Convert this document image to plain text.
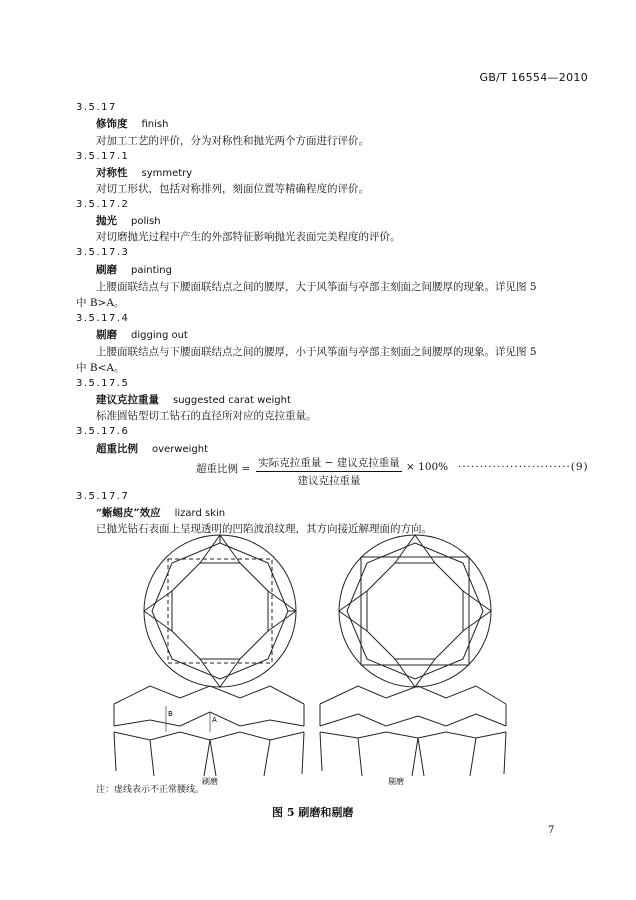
GB/T 16554—2010
3.5.17
修饰度 finish
对加工工艺的评价，分为对称性和抛光两个方面进行评价。
3.5.17.1
对称性 symmetry
对切工形状，包括对称排列，刻面位置等精确程度的评价。
3.5.17.2
抛光 polish
对切磨抛光过程中产生的外部特征影响抛光表面完美程度的评价。
3.5.17.3
刷磨 painting
上腰面联结点与下腰面联结点之间的腰厚，大于风筝面与亭部主刻面之间腰厚的现象。详见图 5
中 B>A。
3.5.17.4
剔磨 digging out
上腰面联结点与下腰面联结点之间的腰厚，小于风筝面与亭部主刻面之间腰厚的现象。详见图 5
中 B<A。
3.5.17.5
建议克拉重量 suggested carat weight
标准圆钻型切工钻石的直径所对应的克拉重量。
3.5.17.6
超重比例 overweight
超重比例 = 实际克拉重量 − 建议克拉重量
建议克拉重量
× 100% ··························(9)
3.5.17.7
“蜥蜴皮”效应 lizard skin
已抛光钻石表面上呈现透明的凹陷波浪纹理，其方向接近解理面的方向。
B
A
刷磨	剔磨
注：虚线表示不正常腰线。
图 5 刷磨和剔磨
7
